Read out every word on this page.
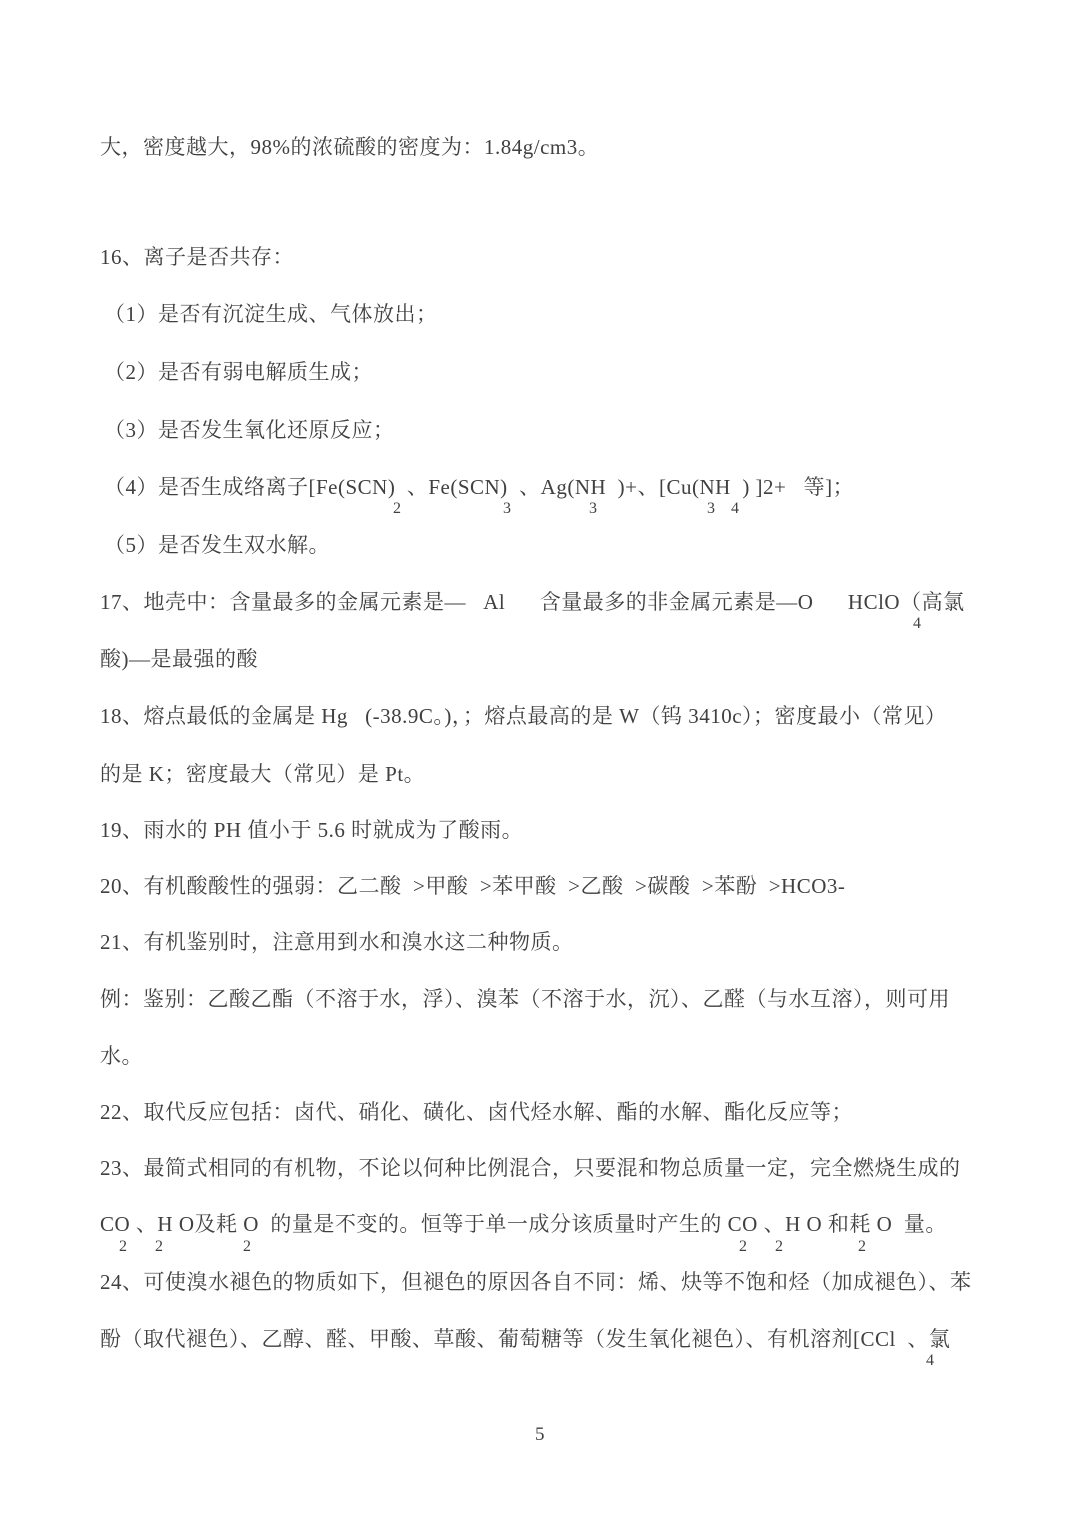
大，密度越大，98%的浓硫酸的密度为：1.84g/cm3。
16、离子是否共存：
（1）是否有沉淀生成、气体放出；
（2）是否有弱电解质生成；
（3）是否发生氧化还原反应；
（4）是否生成络离子[Fe(SCN)  、Fe(SCN)  、Ag(NH  )+、[Cu(NH  ) ]2+   等]；
2	3	3	3 4
（5）是否发生双水解。
17、地壳中：含量最多的金属元素是—   Al      含量最多的非金属元素是—O      HClO（高氯
4
酸)—是最强的酸
18、熔点最低的金属是 Hg   (-38.9C。)，；熔点最高的是 W（钨 3410c）；密度最小（常见）
的是 K；密度最大（常见）是 Pt。
19、雨水的 PH 值小于 5.6 时就成为了酸雨。
20、有机酸酸性的强弱：乙二酸  >甲酸  >苯甲酸  >乙酸  >碳酸  >苯酚  >HCO3-
21、有机鉴别时，注意用到水和溴水这二种物质。
例：鉴别：乙酸乙酯（不溶于水，浮）、溴苯（不溶于水，沉）、乙醛（与水互溶），则可用
水。
22、取代反应包括：卤代、硝化、磺化、卤代烃水解、酯的水解、酯化反应等；
23、最简式相同的有机物，不论以何种比例混合，只要混和物总质量一定，完全燃烧生成的
CO 、H O及耗 O  的量是不变的。恒等于单一成分该质量时产生的 CO 、H O 和耗 O  量。
2 2	2	2 2	2
24、可使溴水褪色的物质如下，但褪色的原因各自不同：烯、炔等不饱和烃（加成褪色）、苯
酚（取代褪色）、乙醇、醛、甲酸、草酸、葡萄糖等（发生氧化褪色）、有机溶剂[CCl  、氯
4
5
